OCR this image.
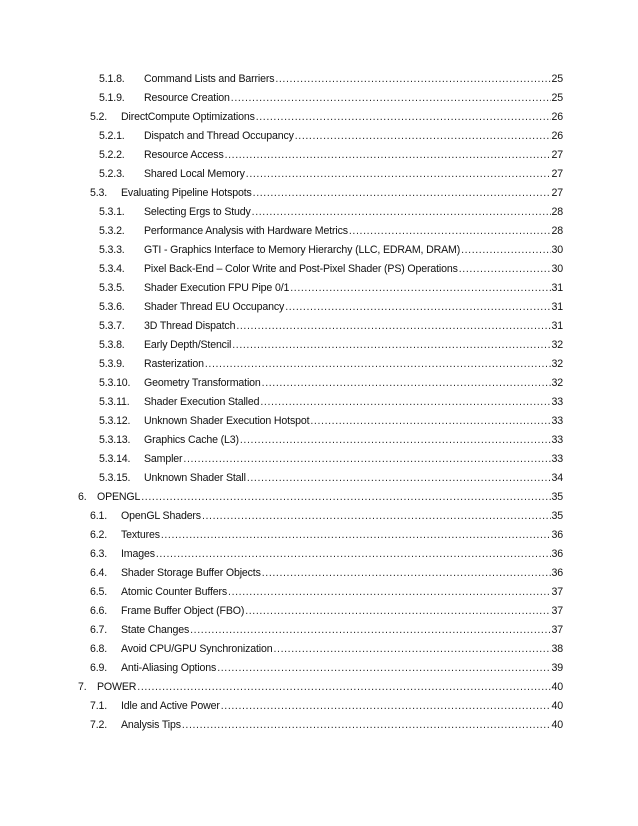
5.1.8.	Command Lists and Barriers .....	25
5.1.9.	Resource Creation .....	25
5.2.	DirectCompute Optimizations .....	26
5.2.1.	Dispatch and Thread Occupancy .....	26
5.2.2.	Resource Access .....	27
5.2.3.	Shared Local Memory .....	27
5.3.	Evaluating Pipeline Hotspots .....	27
5.3.1.	Selecting Ergs to Study .....	28
5.3.2.	Performance Analysis with Hardware Metrics .....	28
5.3.3.	GTI - Graphics Interface to Memory Hierarchy (LLC, EDRAM, DRAM) .....	30
5.3.4.	Pixel Back-End – Color Write and Post-Pixel Shader (PS) Operations .....	30
5.3.5.	Shader Execution FPU Pipe 0/1 .....	31
5.3.6.	Shader Thread EU Occupancy .....	31
5.3.7.	3D Thread Dispatch .....	31
5.3.8.	Early Depth/Stencil .....	32
5.3.9.	Rasterization .....	32
5.3.10.	Geometry Transformation .....	32
5.3.11.	Shader Execution Stalled .....	33
5.3.12.	Unknown Shader Execution Hotspot .....	33
5.3.13.	Graphics Cache (L3) .....	33
5.3.14.	Sampler .....	33
5.3.15.	Unknown Shader Stall .....	34
6. OPENGL .....	35
6.1.	OpenGL Shaders .....	35
6.2.	Textures .....	36
6.3.	Images .....	36
6.4.	Shader Storage Buffer Objects .....	36
6.5.	Atomic Counter Buffers .....	37
6.6.	Frame Buffer Object (FBO) .....	37
6.7.	State Changes .....	37
6.8.	Avoid CPU/GPU Synchronization .....	38
6.9.	Anti-Aliasing Options .....	39
7. POWER .....	40
7.1.	Idle and Active Power .....	40
7.2.	Analysis Tips .....	40
